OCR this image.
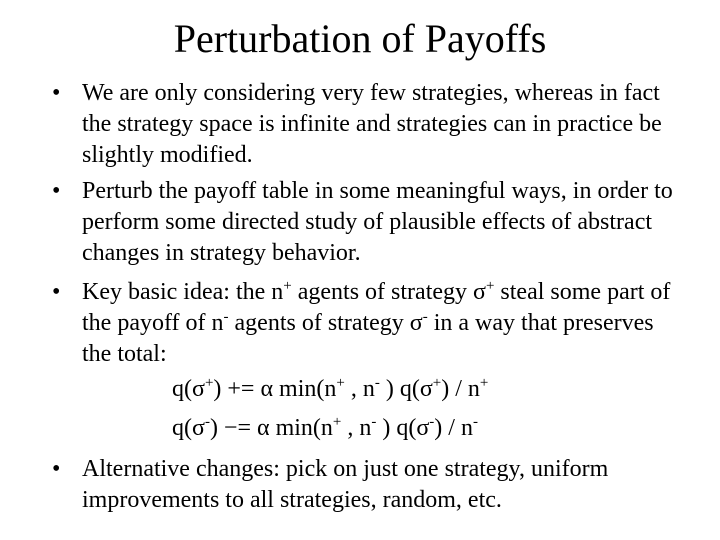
Perturbation of Payoffs
• We are only considering very few strategies, whereas in fact the strategy space is infinite and strategies can in practice be slightly modified.
• Perturb the payoff table in some meaningful ways, in order to perform some directed study of plausible effects of abstract changes in strategy behavior.
• Key basic idea: the n+ agents of strategy σ+ steal some part of the payoff of n- agents of strategy σ- in a way that preserves the total:
q(σ+) += α min(n+ , n- ) q(σ+) / n+
q(σ-) −= α min(n+ , n- ) q(σ-) / n-
• Alternative changes: pick on just one strategy, uniform improvements to all strategies, random, etc.
